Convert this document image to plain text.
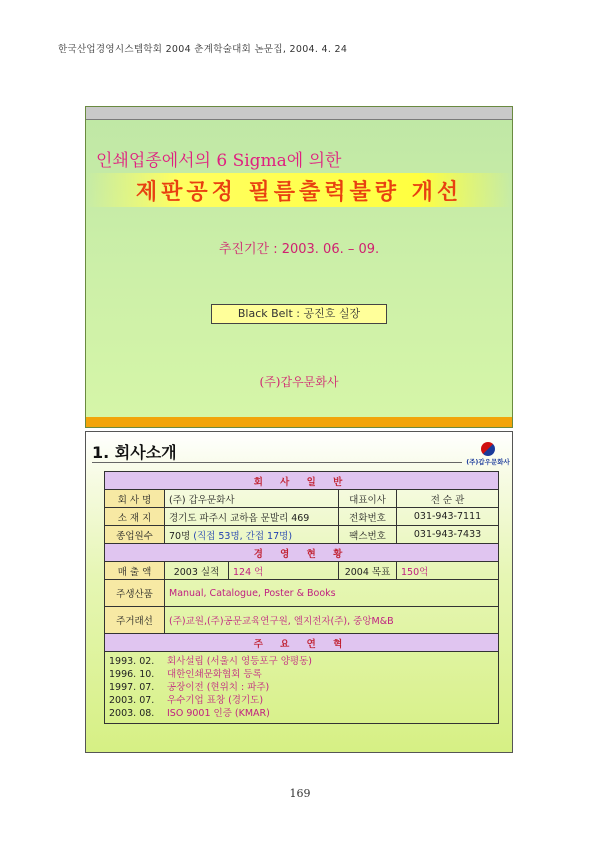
한국산업경영시스템학회 2004 춘계학술대회 논문집, 2004. 4. 24
인쇄업종에서의 6 Sigma에 의한
제판공정 필름출력불량 개선
추진기간 : 2003. 06. – 09.
Black Belt : 공진호 실장
(주)갑우문화사
1. 회사소개	(주)갑우문화사
회 사 일 반				
회 사 명	(주) 갑우문화사		대표이사	전 순 관
소 재 지	경기도 파주시 교하읍 문발리 469		전화번호	031-943-7111
종업원수	70명 (직접 53명, 간접 17명)		팩스번호	031-943-7433
경 영 현 황				
매 출 액	2003 실적	124 억	2004 목표	150억
주생산품	Manual, Catalogue, Poster & Books			
주거래선	(주)교원,(주)공문교육연구원, 엘지전자(주), 중앙M&B			
주 요 연 혁				

1993. 02. 회사설립 (서울시 영등포구 양평동)
1996. 10. 대한인쇄문화협회 등록
1997. 07. 공장이전 (현위치 : 파주)
2003. 07. 우수기업 표창 (경기도)
2003. 08. ISO 9001 인증 (KMAR)				
169
